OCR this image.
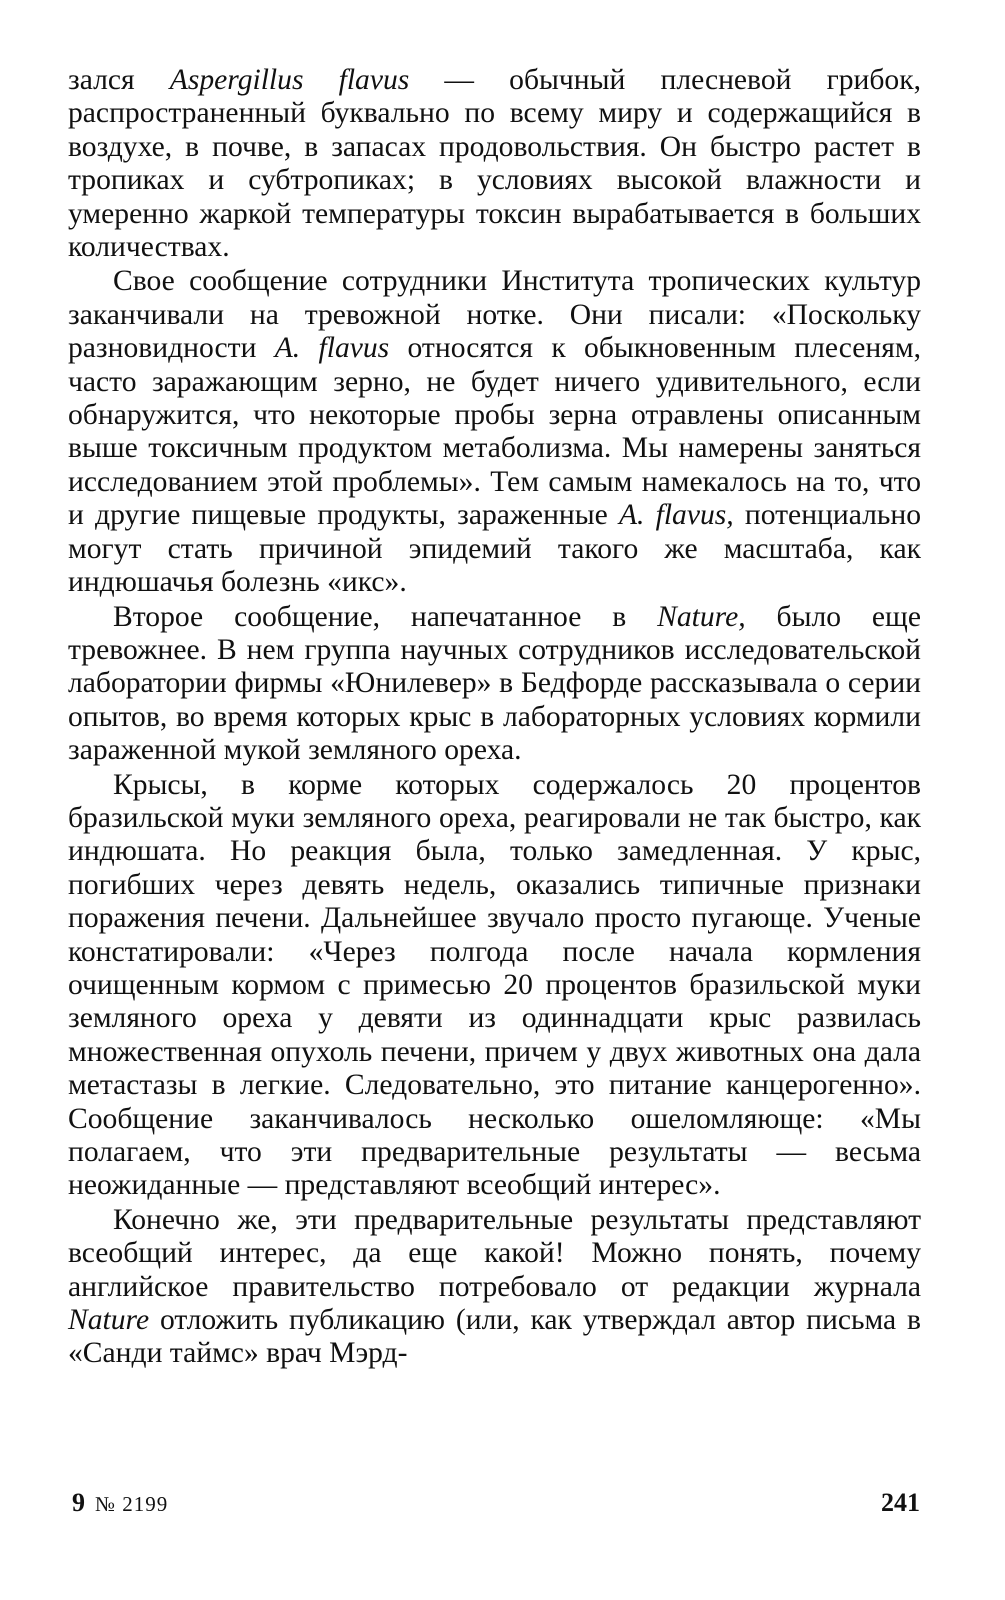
зался Aspergillus flavus — обычный плесневой грибок, распространенный буквально по всему миру и содержащийся в воздухе, в почве, в запасах продовольствия. Он быстро растет в тропиках и субтропиках; в условиях высокой влажности и умеренно жаркой температуры токсин вырабатывается в больших количествах.

Свое сообщение сотрудники Института тропических культур заканчивали на тревожной нотке. Они писали: «Поскольку разновидности A. flavus относятся к обыкновенным плесеням, часто заражающим зерно, не будет ничего удивительного, если обнаружится, что некоторые пробы зерна отравлены описанным выше токсичным продуктом метаболизма. Мы намерены заняться исследованием этой проблемы». Тем самым намекалось на то, что и другие пищевые продукты, зараженные A. flavus, потенциально могут стать причиной эпидемий такого же масштаба, как индюшачья болезнь «икс».

Второе сообщение, напечатанное в Nature, было еще тревожнее. В нем группа научных сотрудников исследовательской лаборатории фирмы «Юнилевер» в Бедфорде рассказывала о серии опытов, во время которых крыс в лабораторных условиях кормили зараженной мукой земляного ореха.

Крысы, в корме которых содержалось 20 процентов бразильской муки земляного ореха, реагировали не так быстро, как индюшата. Но реакция была, только замедленная. У крыс, погибших через девять недель, оказались типичные признаки поражения печени. Дальнейшее звучало просто пугающе. Ученые констатировали: «Через полгода после начала кормления очищенным кормом с примесью 20 процентов бразильской муки земляного ореха у девяти из одиннадцати крыс развилась множественная опухоль печени, причем у двух животных она дала метастазы в легкие. Следовательно, это питание канцерогенно». Сообщение заканчивалось несколько ошеломляюще: «Мы полагаем, что эти предварительные результаты — весьма неожиданные — представляют всеобщий интерес».

Конечно же, эти предварительные результаты представляют всеобщий интерес, да еще какой! Можно понять, почему английское правительство потребовало от редакции журнала Nature отложить публикацию (или, как утверждал автор письма в «Санди таймс» врач Мэрд-

9 № 2199	241
